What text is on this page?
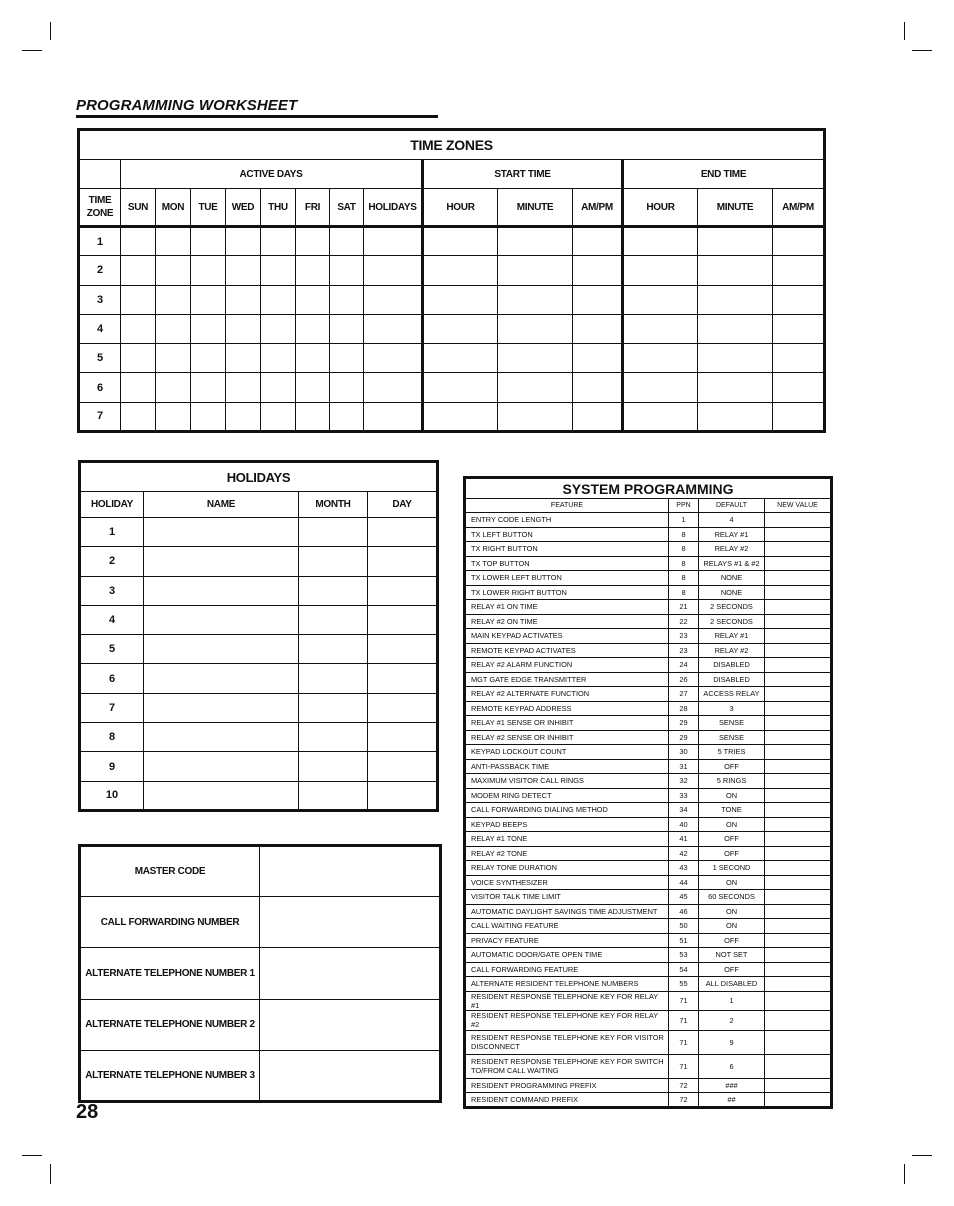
PROGRAMMING WORKSHEET
TIME ZONES														
	ACTIVE DAYS								START TIME			END TIME		
TIME
ZONE	SUN	MON	TUE	WED	THU	FRI	SAT	HOLIDAYS	HOUR	MINUTE	AM/PM	HOUR	MINUTE	AM/PM
1														
2														
3														
4														
5														
6														
7														
HOLIDAYS			
HOLIDAY	NAME	MONTH	DAY
1			
2			
3			
4			
5			
6			
7			
8			
9			
10			
MASTER CODE	
CALL FORWARDING NUMBER	
ALTERNATE TELEPHONE NUMBER 1	
ALTERNATE TELEPHONE NUMBER 2	
ALTERNATE TELEPHONE NUMBER 3	
SYSTEM PROGRAMMING			
FEATURE	PPN	DEFAULT	NEW VALUE
ENTRY CODE LENGTH	1	4	
TX LEFT BUTTON	8	RELAY #1	
TX RIGHT BUTTON	8	RELAY #2	
TX TOP BUTTON	8	RELAYS #1 & #2	
TX LOWER LEFT BUTTON	8	NONE	
TX LOWER RIGHT BUTTON	8	NONE	
RELAY #1 ON TIME	21	2 SECONDS	
RELAY #2 ON TIME	22	2 SECONDS	
MAIN KEYPAD ACTIVATES	23	RELAY #1	
REMOTE KEYPAD ACTIVATES	23	RELAY #2	
RELAY #2 ALARM FUNCTION	24	DISABLED	
MGT GATE EDGE TRANSMITTER	26	DISABLED	
RELAY #2 ALTERNATE FUNCTION	27	ACCESS RELAY	
REMOTE KEYPAD ADDRESS	28	3	
RELAY #1 SENSE OR INHIBIT	29	SENSE	
RELAY #2 SENSE OR INHIBIT	29	SENSE	
KEYPAD LOCKOUT COUNT	30	5 TRIES	
ANTI-PASSBACK TIME	31	OFF	
MAXIMUM VISITOR CALL RINGS	32	5 RINGS	
MODEM RING DETECT	33	ON	
CALL FORWARDING DIALING METHOD	34	TONE	
KEYPAD BEEPS	40	ON	
RELAY #1 TONE	41	OFF	
RELAY #2 TONE	42	OFF	
RELAY TONE DURATION	43	1 SECOND	
VOICE SYNTHESIZER	44	ON	
VISITOR TALK TIME LIMIT	45	60 SECONDS	
AUTOMATIC DAYLIGHT SAVINGS TIME ADJUSTMENT	46	ON	
CALL WAITING FEATURE	50	ON	
PRIVACY FEATURE	51	OFF	
AUTOMATIC DOOR/GATE OPEN TIME	53	NOT SET	
CALL FORWARDING FEATURE	54	OFF	
ALTERNATE RESIDENT TELEPHONE NUMBERS	55	ALL DISABLED	
RESIDENT RESPONSE TELEPHONE KEY FOR RELAY #1	71	1	
RESIDENT RESPONSE TELEPHONE KEY FOR RELAY #2	71	2	
RESIDENT RESPONSE TELEPHONE KEY FOR VISITOR DISCONNECT	71	9	
RESIDENT RESPONSE TELEPHONE KEY FOR SWITCH TO/FROM CALL WAITING	71	6	
RESIDENT PROGRAMMING PREFIX	72	###	
RESIDENT COMMAND PREFIX	72	##	
28
